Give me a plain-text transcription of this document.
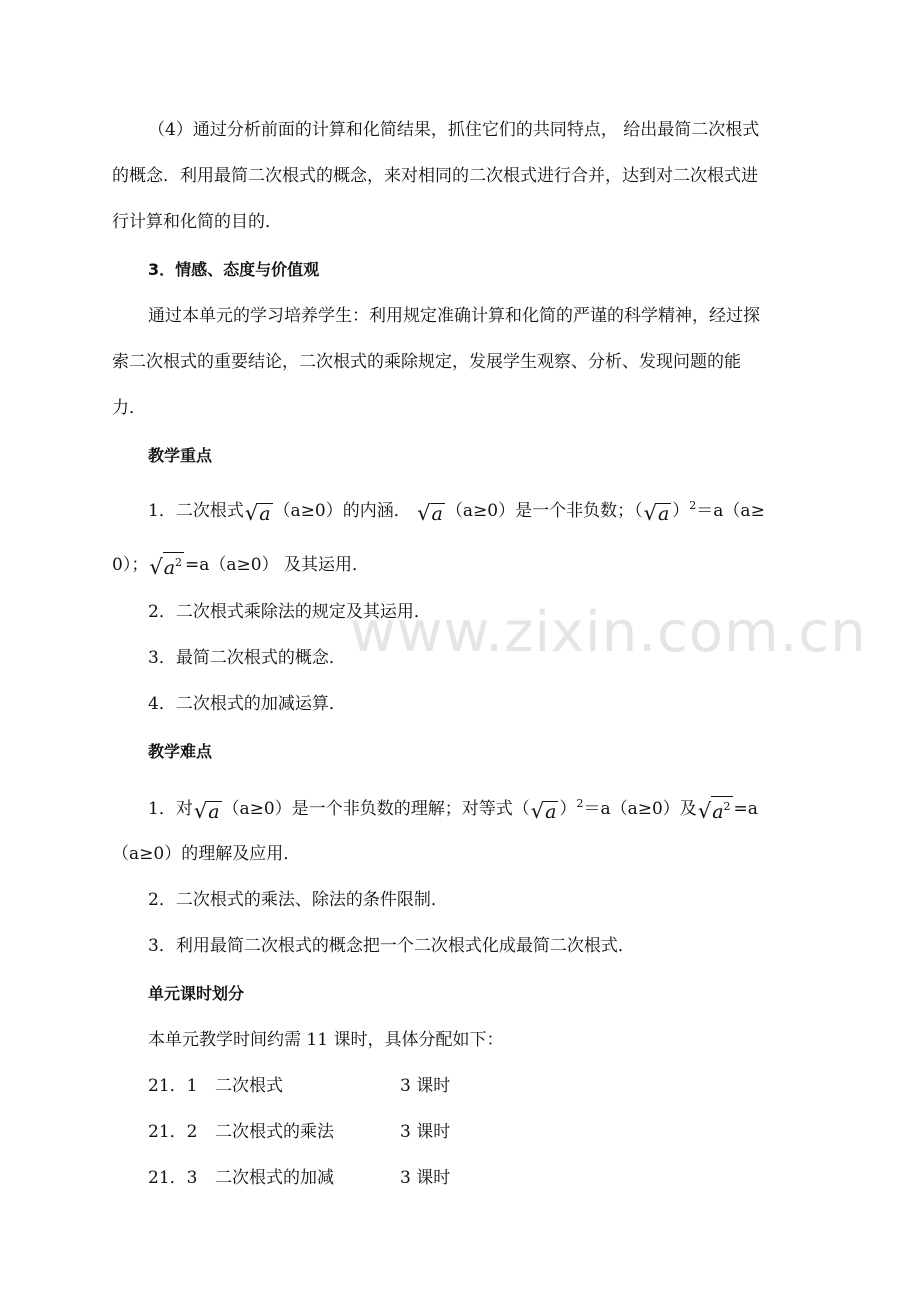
www.zixin.com.cn
（4）通过分析前面的计算和化简结果，抓住它们的共同特点， 给出最简二次根式
的概念．利用最简二次根式的概念，来对相同的二次根式进行合并，达到对二次根式进
行计算和化简的目的．
3．情感、态度与价值观
通过本单元的学习培养学生：利用规定准确计算和化简的严谨的科学精神，经过探
索二次根式的重要结论，二次根式的乘除规定，发展学生观察、分析、发现问题的能
力．
教学重点
1．二次根式 √ a （a≥0）的内涵． √ a （a≥0）是一个非负数；（ √ a ）$^2$＝a（a≥
0）； √ $a^2 =a(a\ge 0)$ 及其运用．
2．二次根式乘除法的规定及其运用．
3．最简二次根式的概念．
4．二次根式的加减运算．
教学难点
1．对 √ a （a≥0）是一个非负数的理解；对等式（ √ a ）$^2$＝a（a≥0）及 √ $a^2 =a$
（a≥0）的理解及应用．
2．二次根式的乘法、除法的条件限制．
3．利用最简二次根式的概念把一个二次根式化成最简二次根式．
单元课时划分
本单元教学时间约需 11 课时，具体分配如下：
21．1 二次根式	3 课时
21．2 二次根式的乘法	3 课时
21．3 二次根式的加减	3 课时
